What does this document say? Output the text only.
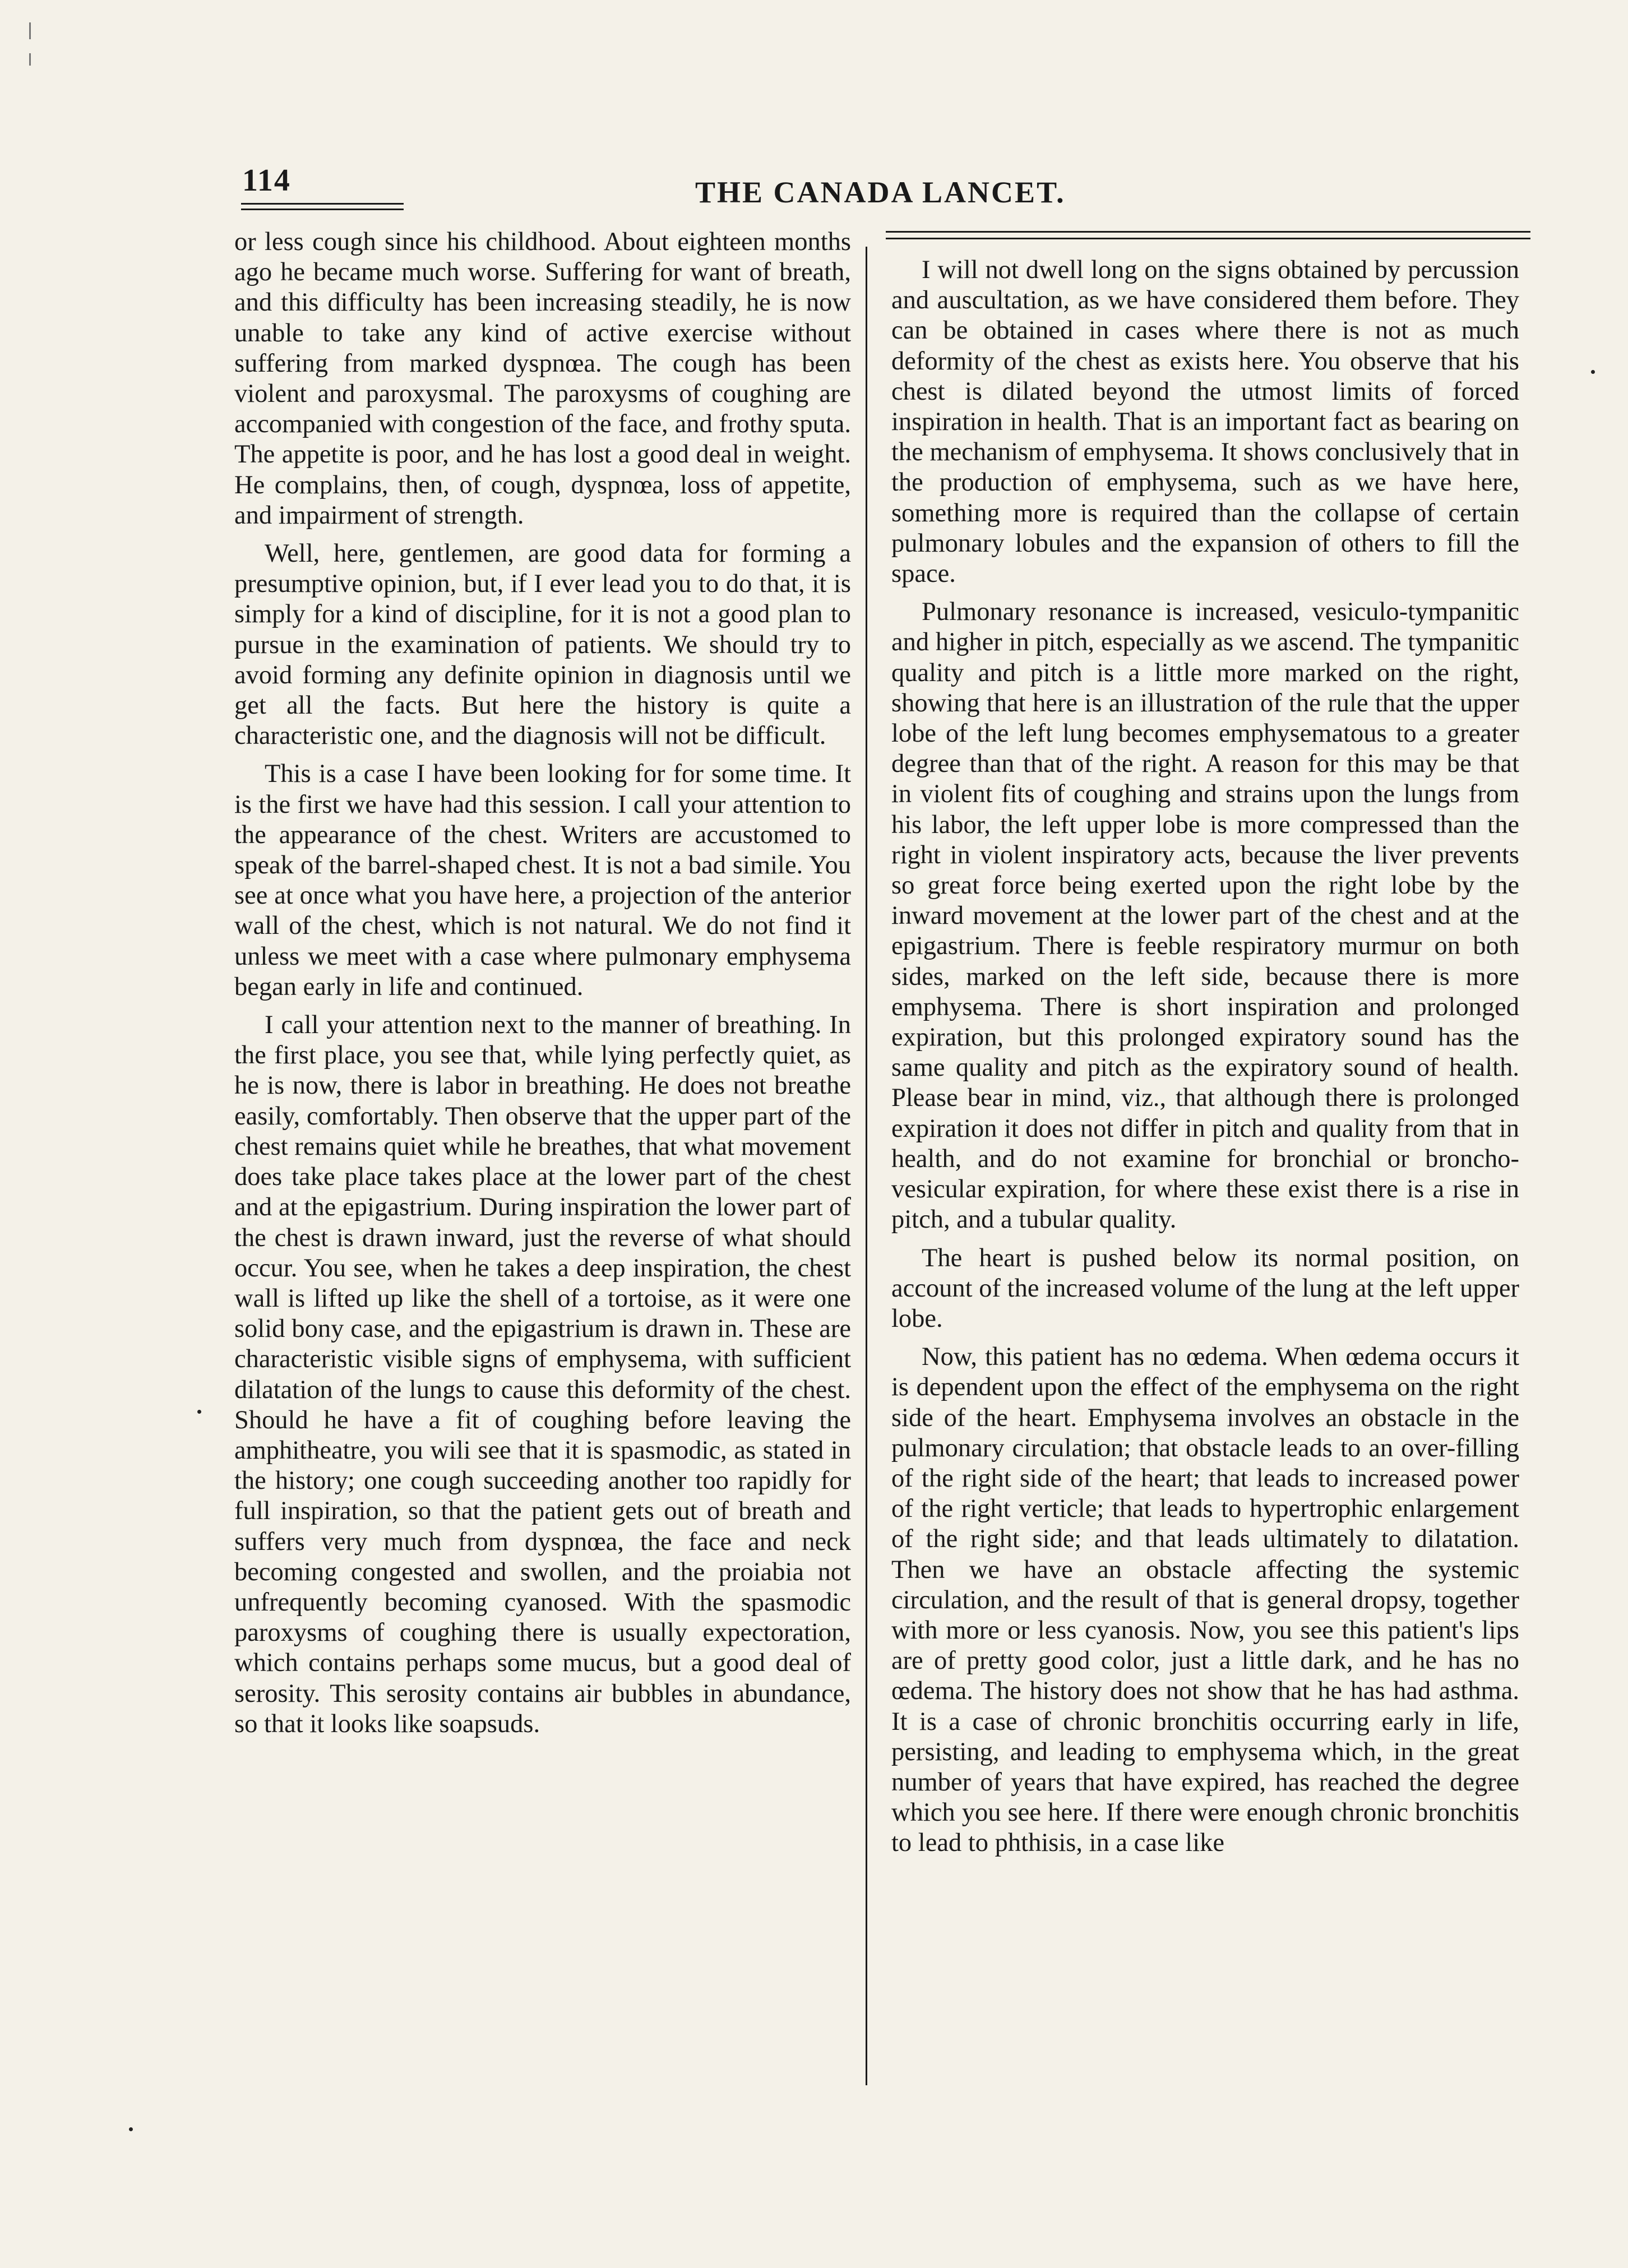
114	THE CANADA LANCET.

or less cough since his childhood. About eighteen months ago he became much worse. Suffering for want of breath, and this difficulty has been increasing steadily, he is now unable to take any kind of active exercise without suffering from marked dyspnœa. The cough has been violent and paroxysmal. The paroxysms of coughing are accompanied with congestion of the face, and frothy sputa. The appetite is poor, and he has lost a good deal in weight. He complains, then, of cough, dyspnœa, loss of appetite, and impairment of strength.

Well, here, gentlemen, are good data for forming a presumptive opinion, but, if I ever lead you to do that, it is simply for a kind of discipline, for it is not a good plan to pursue in the examination of patients. We should try to avoid forming any definite opinion in diagnosis until we get all the facts. But here the history is quite a characteristic one, and the diagnosis will not be difficult.

This is a case I have been looking for for some time. It is the first we have had this session. I call your attention to the appearance of the chest. Writers are accustomed to speak of the barrel-shaped chest. It is not a bad simile. You see at once what you have here, a projection of the anterior wall of the chest, which is not natural. We do not find it unless we meet with a case where pulmonary emphysema began early in life and continued.

I call your attention next to the manner of breathing. In the first place, you see that, while lying perfectly quiet, as he is now, there is labor in breathing. He does not breathe easily, comfortably. Then observe that the upper part of the chest remains quiet while he breathes, that what movement does take place takes place at the lower part of the chest and at the epigastrium. During inspiration the lower part of the chest is drawn inward, just the reverse of what should occur. You see, when he takes a deep inspiration, the chest wall is lifted up like the shell of a tortoise, as it were one solid bony case, and the epigastrium is drawn in. These are characteristic visible signs of emphysema, with sufficient dilatation of the lungs to cause this deformity of the chest. Should he have a fit of coughing before leaving the amphitheatre, you wili see that it is spasmodic, as stated in the history; one cough succeeding another too rapidly for full inspiration, so that the patient gets out of breath and suffers very much from dyspnœa, the face and neck becoming congested and swollen, and the proiabia not unfrequently becoming cyanosed. With the spasmodic paroxysms of coughing there is usually expectoration, which contains perhaps some mucus, but a good deal of serosity. This serosity contains air bubbles in abundance, so that it looks like soapsuds.

I will not dwell long on the signs obtained by percussion and auscultation, as we have considered them before. They can be obtained in cases where there is not as much deformity of the chest as exists here. You observe that his chest is dilated beyond the utmost limits of forced inspiration in health. That is an important fact as bearing on the mechanism of emphysema. It shows conclusively that in the production of emphysema, such as we have here, something more is required than the collapse of certain pulmonary lobules and the expansion of others to fill the space.

Pulmonary resonance is increased, vesiculo-tympanitic and higher in pitch, especially as we ascend. The tympanitic quality and pitch is a little more marked on the right, showing that here is an illustration of the rule that the upper lobe of the left lung becomes emphysematous to a greater degree than that of the right. A reason for this may be that in violent fits of coughing and strains upon the lungs from his labor, the left upper lobe is more compressed than the right in violent inspiratory acts, because the liver prevents so great force being exerted upon the right lobe by the inward movement at the lower part of the chest and at the epigastrium. There is feeble respiratory murmur on both sides, marked on the left side, because there is more emphysema. There is short inspiration and prolonged expiration, but this prolonged expiratory sound has the same quality and pitch as the expiratory sound of health. Please bear in mind, viz., that although there is prolonged expiration it does not differ in pitch and quality from that in health, and do not examine for bronchial or broncho-vesicular expiration, for where these exist there is a rise in pitch, and a tubular quality.

The heart is pushed below its normal position, on account of the increased volume of the lung at the left upper lobe.

Now, this patient has no œdema. When œdema occurs it is dependent upon the effect of the emphysema on the right side of the heart. Emphysema involves an obstacle in the pulmonary circulation; that obstacle leads to an over-filling of the right side of the heart; that leads to increased power of the right verticle; that leads to hypertrophic enlargement of the right side; and that leads ultimately to dilatation. Then we have an obstacle affecting the systemic circulation, and the result of that is general dropsy, together with more or less cyanosis. Now, you see this patient's lips are of pretty good color, just a little dark, and he has no œdema. The history does not show that he has had asthma. It is a case of chronic bronchitis occurring early in life, persisting, and leading to emphysema which, in the great number of years that have expired, has reached the degree which you see here. If there were enough chronic bronchitis to lead to phthisis, in a case like
